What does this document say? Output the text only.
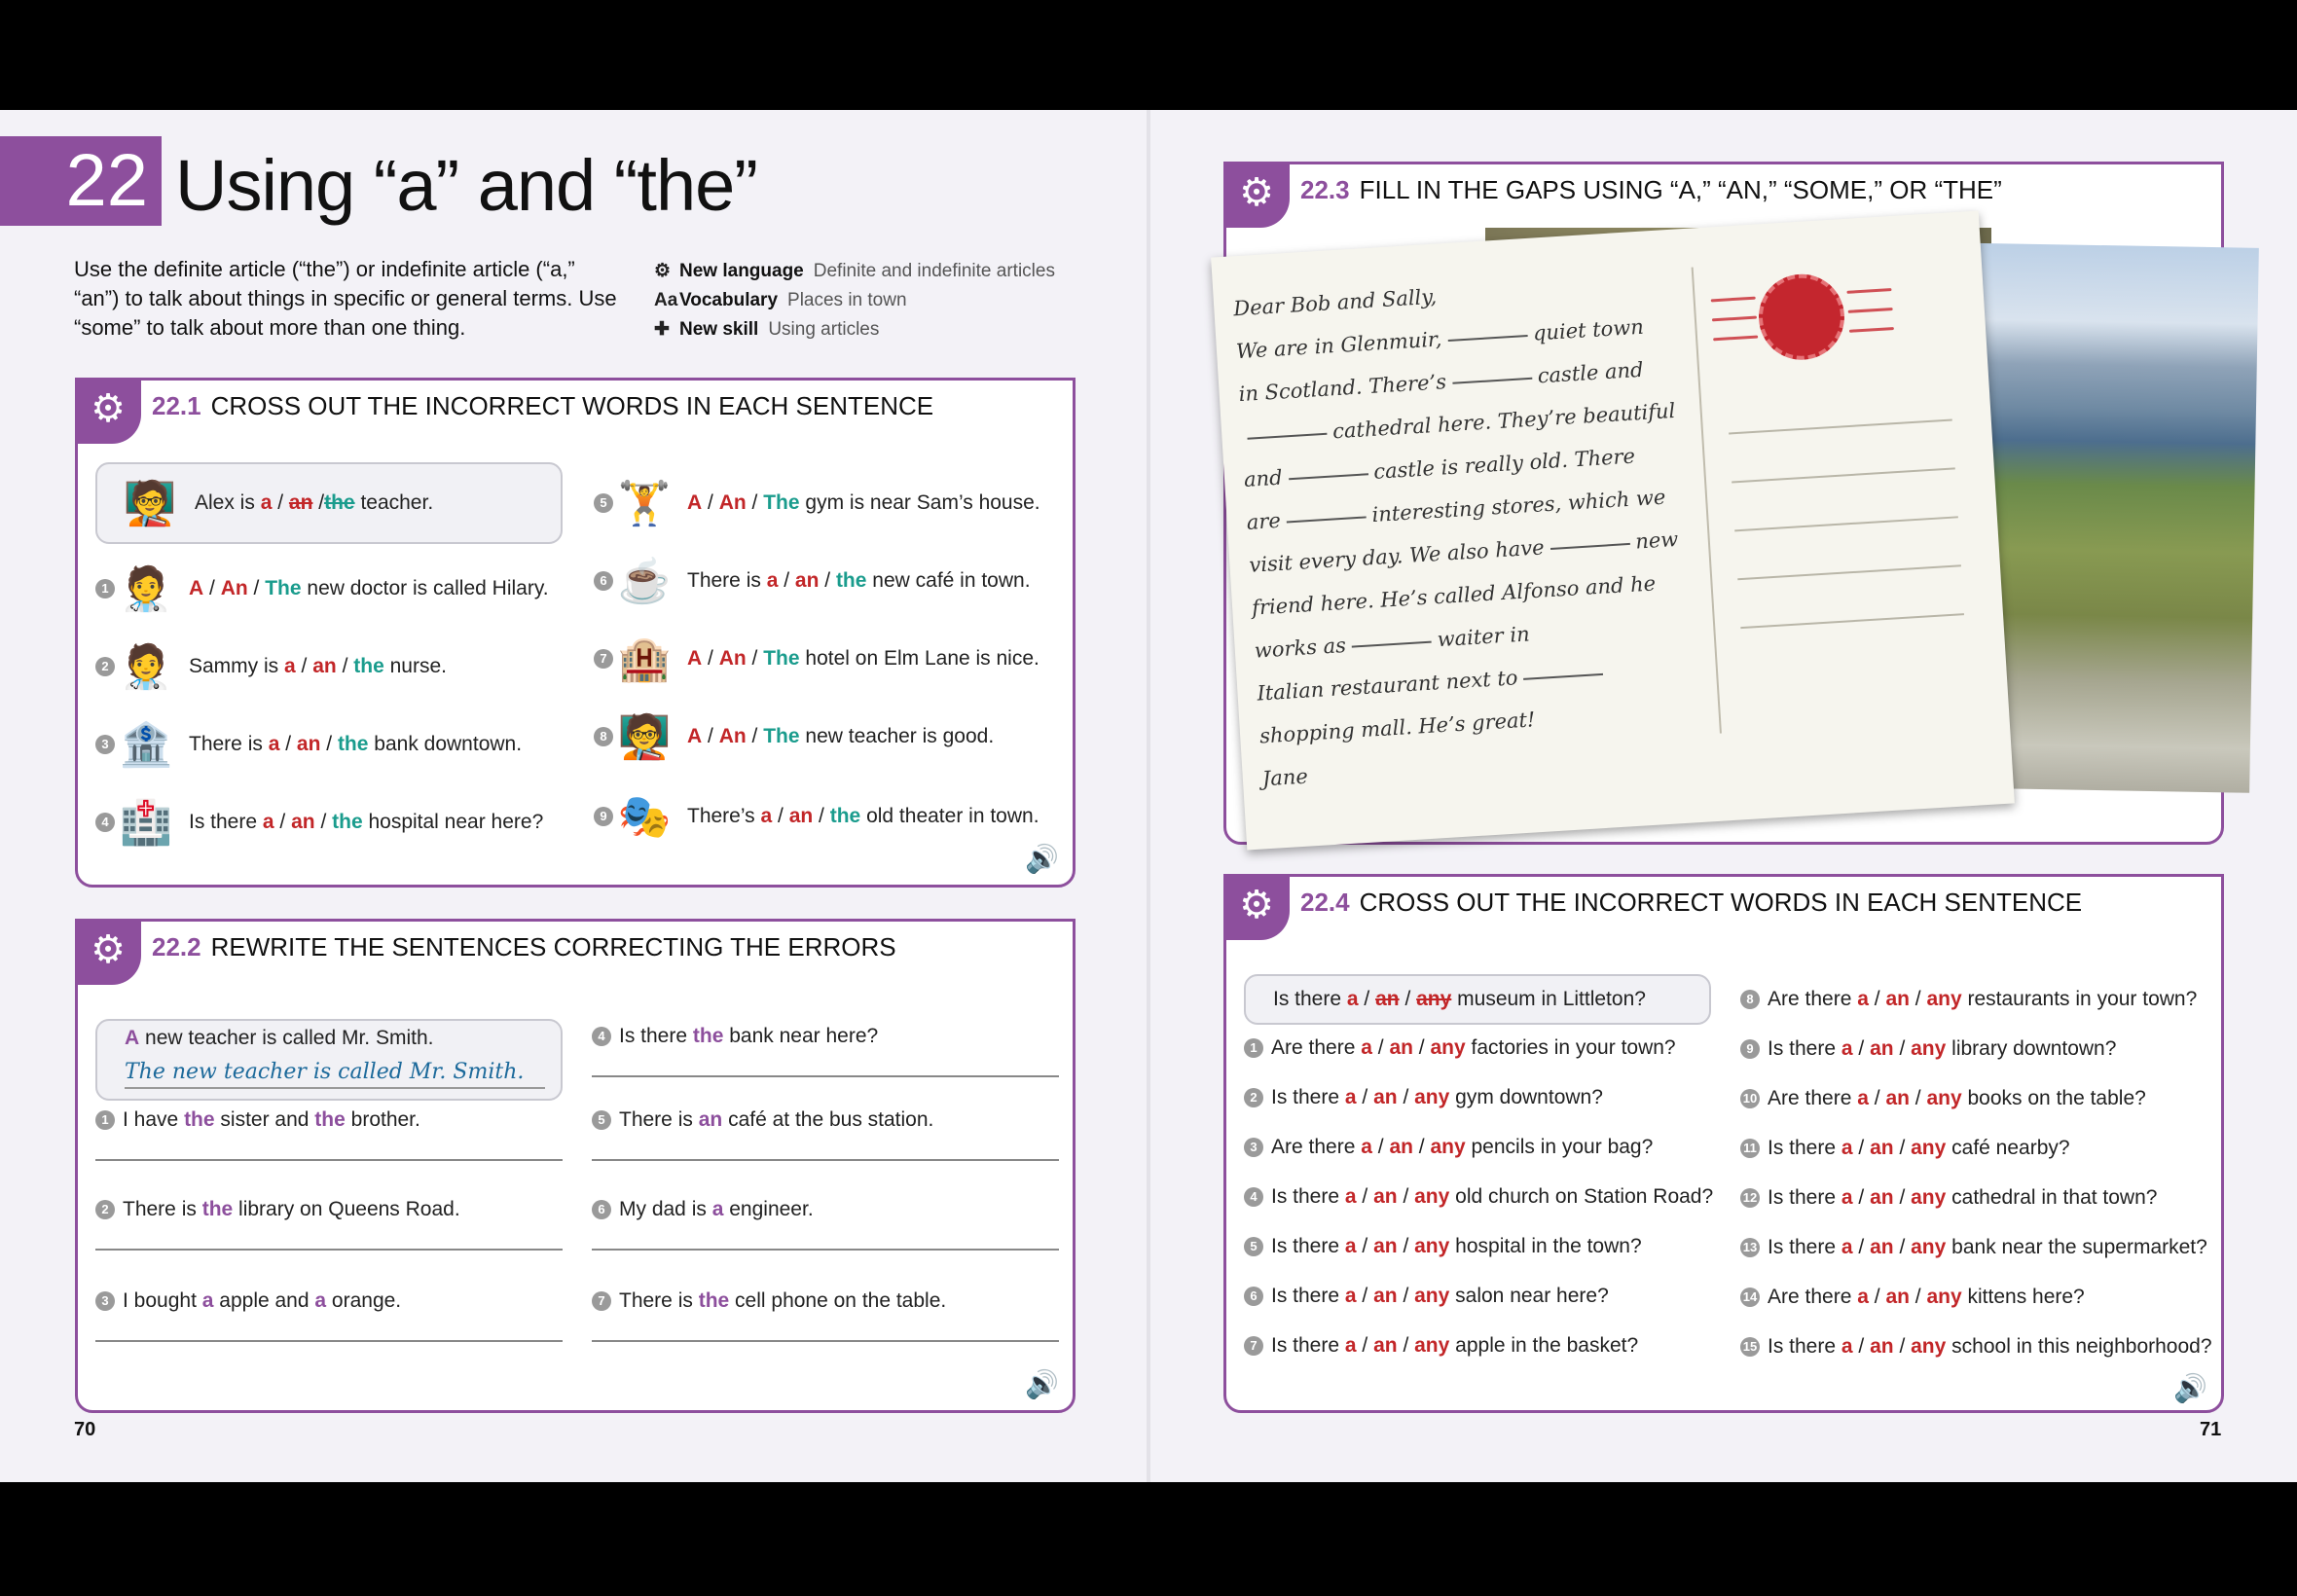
22 Using “a” and “the”
Use the definite article (“the”) or indefinite article (“a,” “an”) to talk about things in specific or general terms. Use “some” to talk about more than one thing.
⚙ New language Definite and indefinite articles
Aa Vocabulary Places in town
✚ New skill Using articles
⚙	22.1 CROSS OUT THE INCORRECT WORDS IN EACH SENTENCE
🧑‍🏫 Alex is
a / an / the
teacher.
🔊
1 🧑‍⚕️ A / An / The new doctor is called Hilary.
2 🧑‍⚕️ Sammy is a / an / the nurse.
3 🏦 There is a / an / the bank downtown.
4 🏥 Is there a / an / the hospital near here?
5 🏋 A / An / The gym is near Sam’s house.
6 ☕ There is a / an / the new café in town.
7 🏨 A / An / The hotel on Elm Lane is nice.
8 🧑‍🏫 A / An / The new teacher is good.
9 🎭 There’s a / an / the old theater in town.
⚙	22.2 REWRITE THE SENTENCES CORRECTING THE ERRORS
A
new teacher is called Mr. Smith.
The new teacher is called Mr. Smith.
🔊
1 I have the sister and the brother.
2 There is the library on Queens Road.
3 I bought a apple and a orange.
4 Is there the bank near here?
5 There is an café at the bus station.
6 My dad is a engineer.
7 There is the cell phone on the table.
70
⚙	22.3 FILL IN THE GAPS USING “A,” “AN,” “SOME,” OR “THE”
Dear Bob and Sally,
We are in Glenmuir,	quiet town
in Scotland. There’s	castle and
cathedral here. They’re beautiful
and	castle is really old. There
are	interesting stores, which we
visit every day. We also have	new
friend here. He’s called Alfonso and he
works as	waiter in
Italian restaurant next to
shopping mall. He’s great!
Jane
⚙	22.4 CROSS OUT THE INCORRECT WORDS IN EACH SENTENCE
Is there
a / an / any
museum in Littleton?
🔊
1 Are there a / an / any factories in your town?
2 Is there a / an / any gym downtown?
3 Are there a / an / any pencils in your bag?
4 Is there a / an / any old church on Station Road?
5 Is there a / an / any hospital in the town?
6 Is there a / an / any salon near here?
7 Is there a / an / any apple in the basket?
8 Are there a / an / any restaurants in your town?
9 Is there a / an / any library downtown?
10 Are there a / an / any books on the table?
11 Is there a / an / any café nearby?
12 Is there a / an / any cathedral in that town?
13 Is there a / an / any bank near the supermarket?
14 Are there a / an / any kittens here?
15 Is there a / an / any school in this neighborhood?
71
